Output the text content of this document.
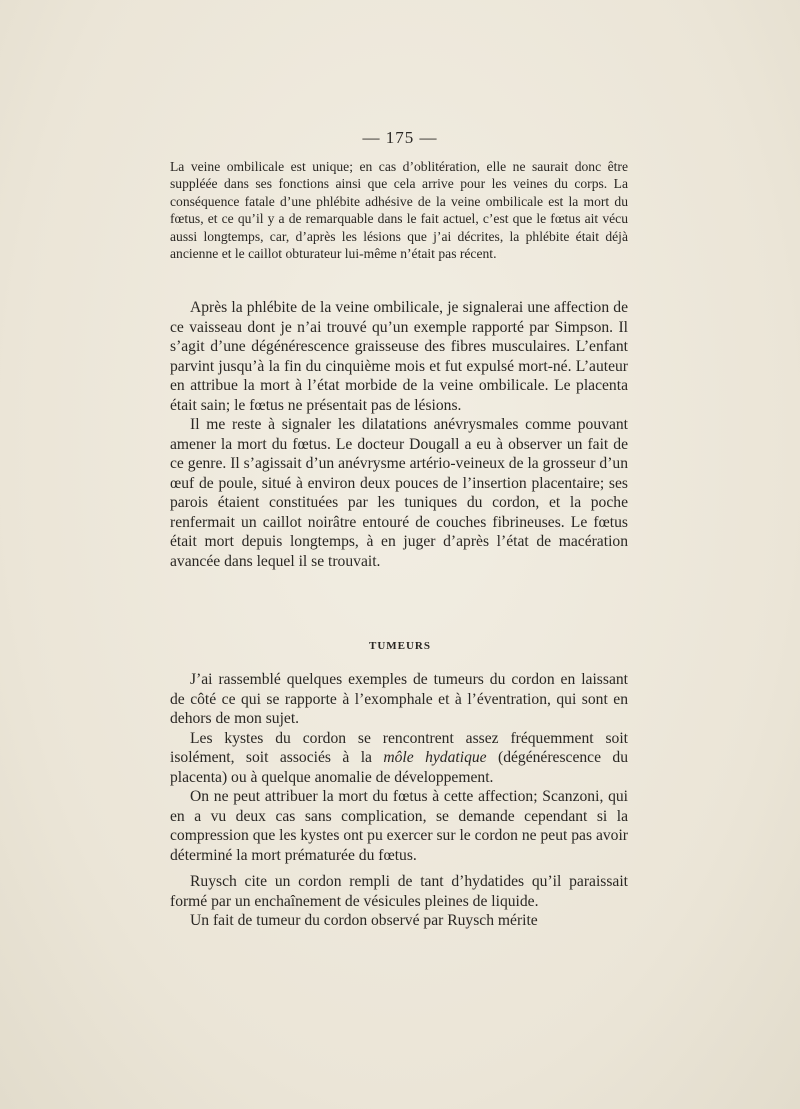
— 175 —

La veine ombilicale est unique; en cas d’oblitération, elle ne saurait donc être suppléée dans ses fonctions ainsi que cela arrive pour les veines du corps. La conséquence fatale d’une phlébite adhésive de la veine ombilicale est la mort du fœtus, et ce qu’il y a de remarquable dans le fait actuel, c’est que le fœtus ait vécu aussi longtemps, car, d’après les lésions que j’ai décrites, la phlébite était déjà ancienne et le caillot obturateur lui-même n’était pas récent.

Après la phlébite de la veine ombilicale, je signalerai une affection de ce vaisseau dont je n’ai trouvé qu’un exemple rapporté par Simpson. Il s’agit d’une dégénérescence graisseuse des fibres musculaires. L’enfant parvint jusqu’à la fin du cinquième mois et fut expulsé mort-né. L’auteur en attribue la mort à l’état morbide de la veine ombilicale. Le placenta était sain; le fœtus ne présentait pas de lésions.

Il me reste à signaler les dilatations anévrysmales comme pouvant amener la mort du fœtus. Le docteur Dougall a eu à observer un fait de ce genre. Il s’agissait d’un anévrysme artério-veineux de la grosseur d’un œuf de poule, situé à environ deux pouces de l’insertion placentaire; ses parois étaient constituées par les tuniques du cordon, et la poche renfermait un caillot noirâtre entouré de couches fibrineuses. Le fœtus était mort depuis longtemps, à en juger d’après l’état de macération avancée dans lequel il se trouvait.

TUMEURS

J’ai rassemblé quelques exemples de tumeurs du cordon en laissant de côté ce qui se rapporte à l’exomphale et à l’éventration, qui sont en dehors de mon sujet.

Les kystes du cordon se rencontrent assez fréquemment soit isolément, soit associés à la môle hydatique (dégénérescence du placenta) ou à quelque anomalie de développement.

On ne peut attribuer la mort du fœtus à cette affection; Scanzoni, qui en a vu deux cas sans complication, se demande cependant si la compression que les kystes ont pu exercer sur le cordon ne peut pas avoir déterminé la mort prématurée du fœtus.

Ruysch cite un cordon rempli de tant d’hydatides qu’il paraissait formé par un enchaînement de vésicules pleines de liquide.

Un fait de tumeur du cordon observé par Ruysch mérite
